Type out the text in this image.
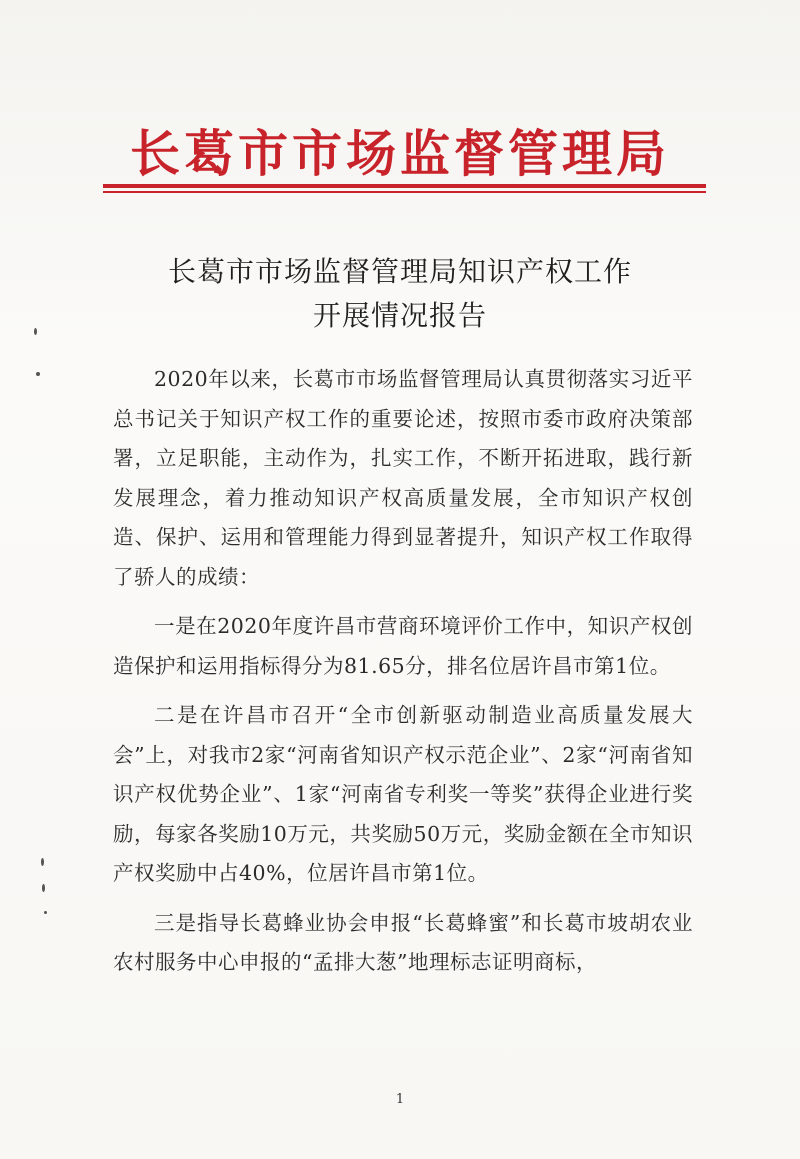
长葛市市场监督管理局
长葛市市场监督管理局知识产权工作
开展情况报告

2020年以来，长葛市市场监督管理局认真贯彻落实习近平总书记关于知识产权工作的重要论述，按照市委市政府决策部署，立足职能，主动作为，扎实工作，不断开拓进取，践行新发展理念，着力推动知识产权高质量发展，全市知识产权创造、保护、运用和管理能力得到显著提升，知识产权工作取得了骄人的成绩：

一是在2020年度许昌市营商环境评价工作中，知识产权创造保护和运用指标得分为81.65分，排名位居许昌市第1位。

二是在许昌市召开“全市创新驱动制造业高质量发展大会”上，对我市2家“河南省知识产权示范企业”、2家“河南省知识产权优势企业”、1家“河南省专利奖一等奖”获得企业进行奖励，每家各奖励10万元，共奖励50万元，奖励金额在全市知识产权奖励中占40%，位居许昌市第1位。

三是指导长葛蜂业协会申报“长葛蜂蜜”和长葛市坡胡农业农村服务中心申报的“孟排大葱”地理标志证明商标，

1
